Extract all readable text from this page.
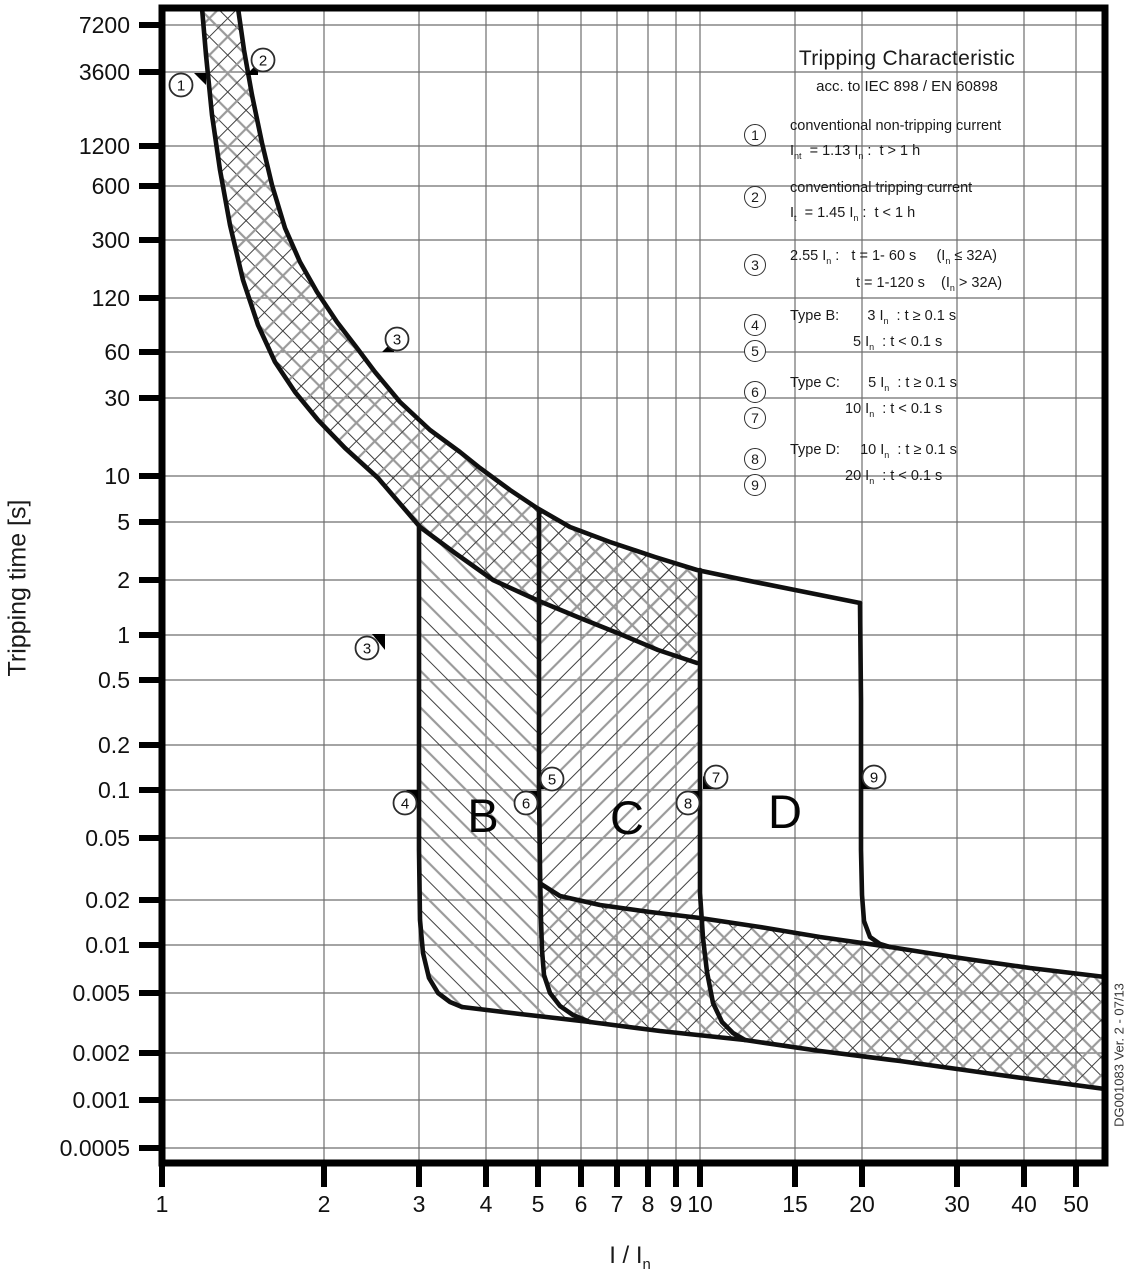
1	2	3 4 5 6 7 8 9 10	15 20	30 40 50
7200
3600
1200
600
300
120
60
30
10
5
2
1
0.5
0.2
0.1
0.05
0.02
0.01
0.005
0.002
0.001
0.0005
B C	D
1
2
3
3
4
5
6
7
8
9
Tripping Characteristic
acc. to IEC 898 / EN 60898
1
conventional non-tripping current
$I_{nt} = 1.13$ $I_n$ :  t > 1 h
2
conventional tripping current
$I_t = 1.45$ $I_n$ :  t < 1 h
3
2.55 $I_n$ :   t = 1- 60 s     $(I_n \le 32A)$
t = 1-120 s    $(I_n > 32A)$
4
Type B:       3 $I_n$  : t ≥ 0.1 s
5
5 $I_n$  : t < 0.1 s
6
Type C:       5 $I_n$  : t ≥ 0.1 s
7
10 $I_n$  : t < 0.1 s
8
Type D:     10 $I_n$  : t ≥ 0.1 s
9
20 $I_n$  : t < 0.1 s
Tripping time [s]
I / $I_n$
DG001083 Ver. 2 - 07/13
